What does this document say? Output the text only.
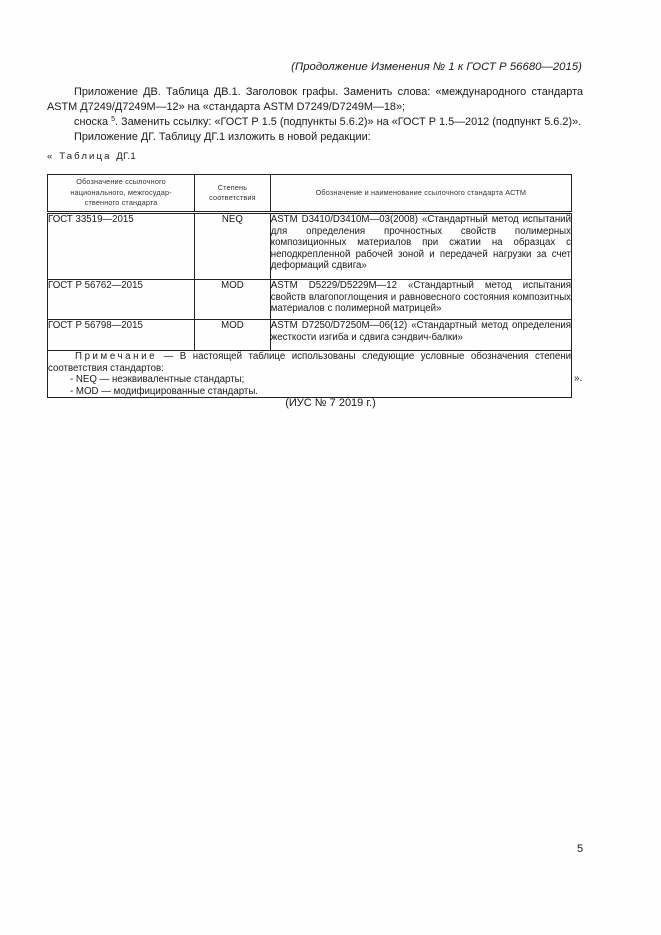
(Продолжение Изменения № 1 к ГОСТ Р 56680—2015)
Приложение ДВ. Таблица ДВ.1. Заголовок графы. Заменить слова: «международного стандарта
ASTM Д7249/Д7249M—12» на «стандарта ASTM D7249/D7249M—18»;
сноска $^5$. Заменить ссылку: «ГОСТ Р 1.5 (подпункты 5.6.2)» на «ГОСТ Р 1.5—2012 (подпункт 5.6.2)».
Приложение ДГ. Таблицу ДГ.1 изложить в новой редакции:
« Таблица ДГ.1
Обозначение ссылочного национального, межгосудар-ственного стандарта	Степень соответствия	Обозначение и наименование ссылочного стандарта АСТМ
ГОСТ 33519—2015	NEQ	ASTM D3410/D3410M—03(2008) «Стандартный метод испытаний для определения прочностных свойств полимерных композиционных материалов при сжатии на образцах с неподкрепленной рабочей зоной и передачей нагрузки за счет деформаций сдвига»
ГОСТ Р 56762—2015	MOD	ASTM D5229/D5229M—12 «Стандартный метод испытания свойств влагопоглощения и равновесного состояния композитных материалов с полимерной матрицей»
ГОСТ Р 56798—2015	MOD	ASTM D7250/D7250M—06(12) «Стандартный метод определения жесткости изгиба и сдвига сэндвич-балки»

Примечание — В настоящей таблице использованы следующие условные обозначения степени соответствия стандартов:
- NEQ — неэквивалентные стандарты;
- MOD — модифицированные стандарты.		
».
(ИУС № 7 2019 г.)
5
